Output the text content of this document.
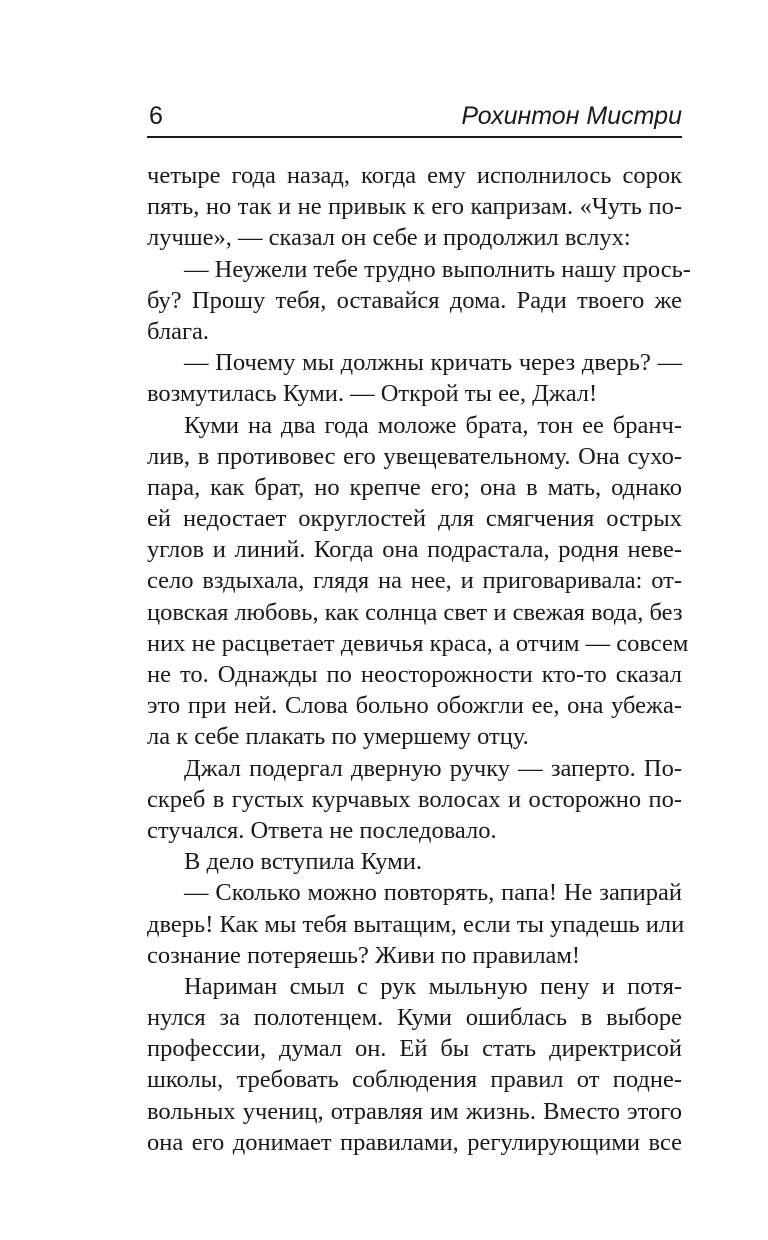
6	Рохинтон Мистри
четыре года назад, когда ему исполнилось сорок
пять, но так и не привык к его капризам. «Чуть по-
лучше», — сказал он себе и продолжил вслух:
— Неужели тебе трудно выполнить нашу прось-
бу? Прошу тебя, оставайся дома. Ради твоего же
блага.
— Почему мы должны кричать через дверь? —
возмутилась Куми. — Открой ты ее, Джал!
Куми на два года моложе брата, тон ее бранч-
лив, в противовес его увещевательному. Она сухо-
пара, как брат, но крепче его; она в мать, однако
ей недостает округлостей для смягчения острых
углов и линий. Когда она подрастала, родня неве-
село вздыхала, глядя на нее, и приговаривала: от-
цовская любовь, как солнца свет и свежая вода, без
них не расцветает девичья краса, а отчим — совсем
не то. Однажды по неосторожности кто-то сказал
это при ней. Слова больно обожгли ее, она убежа-
ла к себе плакать по умершему отцу.
Джал подергал дверную ручку — заперто. По-
скреб в густых курчавых волосах и осторожно по-
стучался. Ответа не последовало.
В дело вступила Куми.
— Сколько можно повторять, папа! Не запирай
дверь! Как мы тебя вытащим, если ты упадешь или
сознание потеряешь? Живи по правилам!
Нариман смыл с рук мыльную пену и потя-
нулся за полотенцем. Куми ошиблась в выборе
профессии, думал он. Ей бы стать директрисой
школы, требовать соблюдения правил от подне-
вольных учениц, отравляя им жизнь. Вместо этого
она его донимает правилами, регулирующими все
